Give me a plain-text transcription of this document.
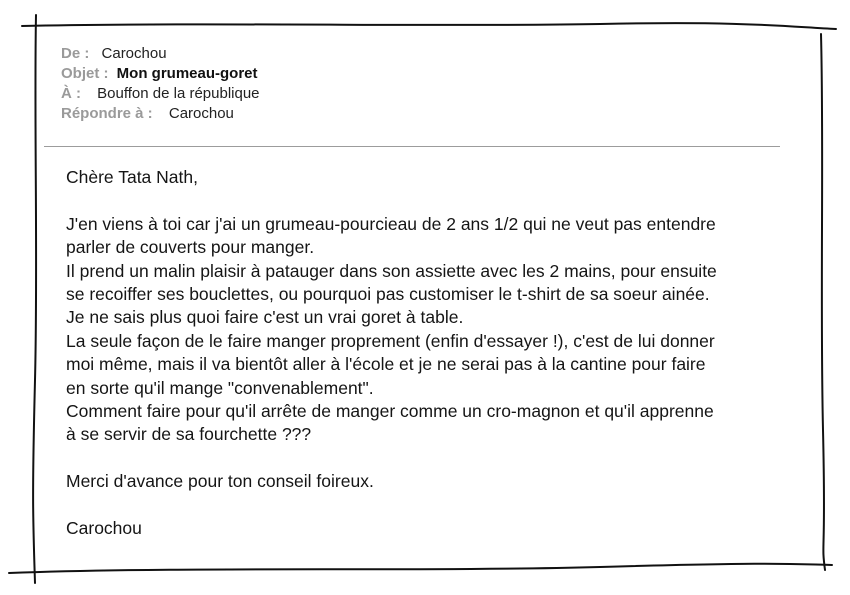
De : Carochou
Objet : Mon grumeau-goret
À : Bouffon de la république
Répondre à : Carochou

Chère Tata Nath,

J'en viens à toi car j'ai un grumeau-pourcieau de 2 ans 1/2 qui ne veut pas entendre

parler de couverts pour manger.

Il prend un malin plaisir à patauger dans son assiette avec les 2 mains, pour ensuite

se recoiffer ses bouclettes, ou pourquoi pas customiser le t-shirt de sa soeur ainée.

Je ne sais plus quoi faire c'est un vrai goret à table.

La seule façon de le faire manger proprement (enfin d'essayer !), c'est de lui donner

moi même, mais il va bientôt aller à l'école et je ne serai pas à la cantine pour faire

en sorte qu'il mange "convenablement".

Comment faire pour qu'il arrête de manger comme un cro-magnon et qu'il apprenne

à se servir de sa fourchette ???

Merci d'avance pour ton conseil foireux.

Carochou
